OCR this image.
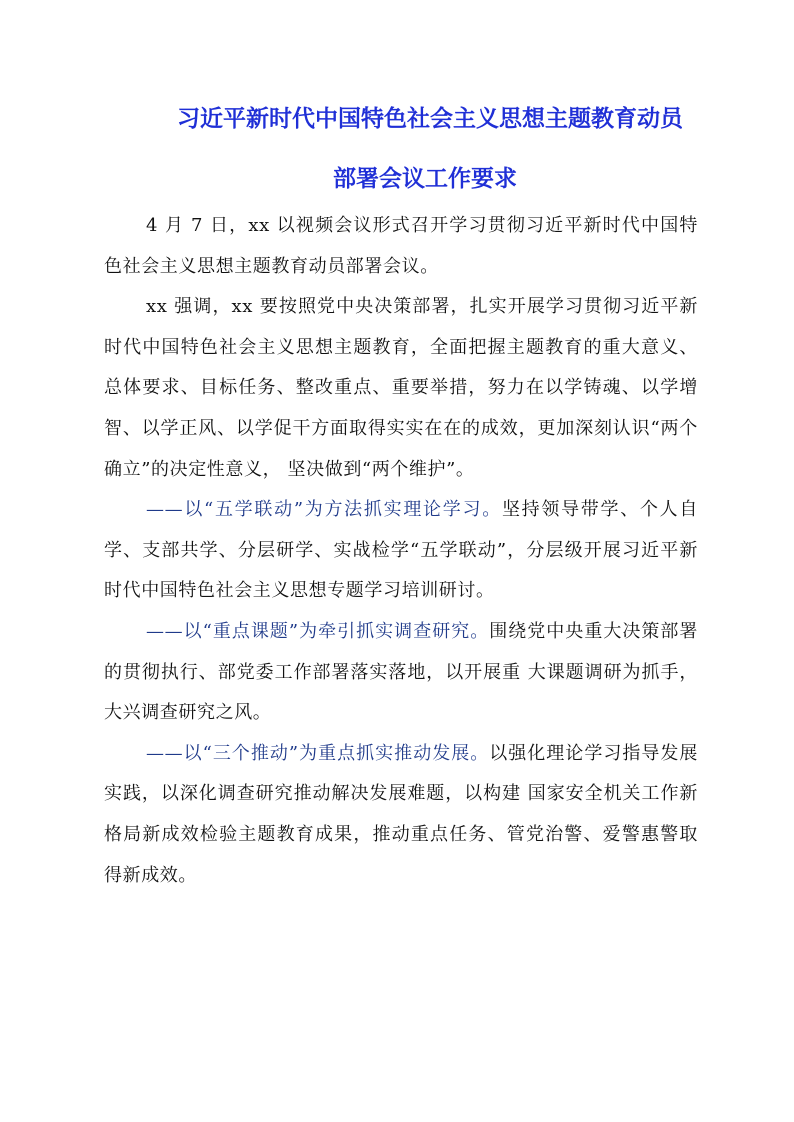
习近平新时代中国特色社会主义思想主题教育动员
部署会议工作要求

4 月 7 日，xx 以视频会议形式召开学习贯彻习近平新时代中国特色社会主义思想主题教育动员部署会议。

xx 强调，xx 要按照党中央决策部署，扎实开展学习贯彻习近平新时代中国特色社会主义思想主题教育，全面把握主题教育的重大意义、总体要求、目标任务、整改重点、重要举措，努力在以学铸魂、以学增智、以学正风、以学促干方面取得实实在在的成效，更加深刻认识“两个确立”的决定性意义， 坚决做到“两个维护”。

——以“五学联动”为方法抓实理论学习。坚持领导带学、个人自学、支部共学、分层研学、实战检学“五学联动”，分层级开展习近平新时代中国特色社会主义思想专题学习培训研讨。

——以“重点课题”为牵引抓实调查研究。围绕党中央重大决策部署的贯彻执行、部党委工作部署落实落地，以开展重 大课题调研为抓手，大兴调查研究之风。

——以“三个推动”为重点抓实推动发展。以强化理论学习指导发展实践，以深化调查研究推动解决发展难题，以构建 国家安全机关工作新格局新成效检验主题教育成果，推动重点任务、管党治警、爱警惠警取得新成效。
